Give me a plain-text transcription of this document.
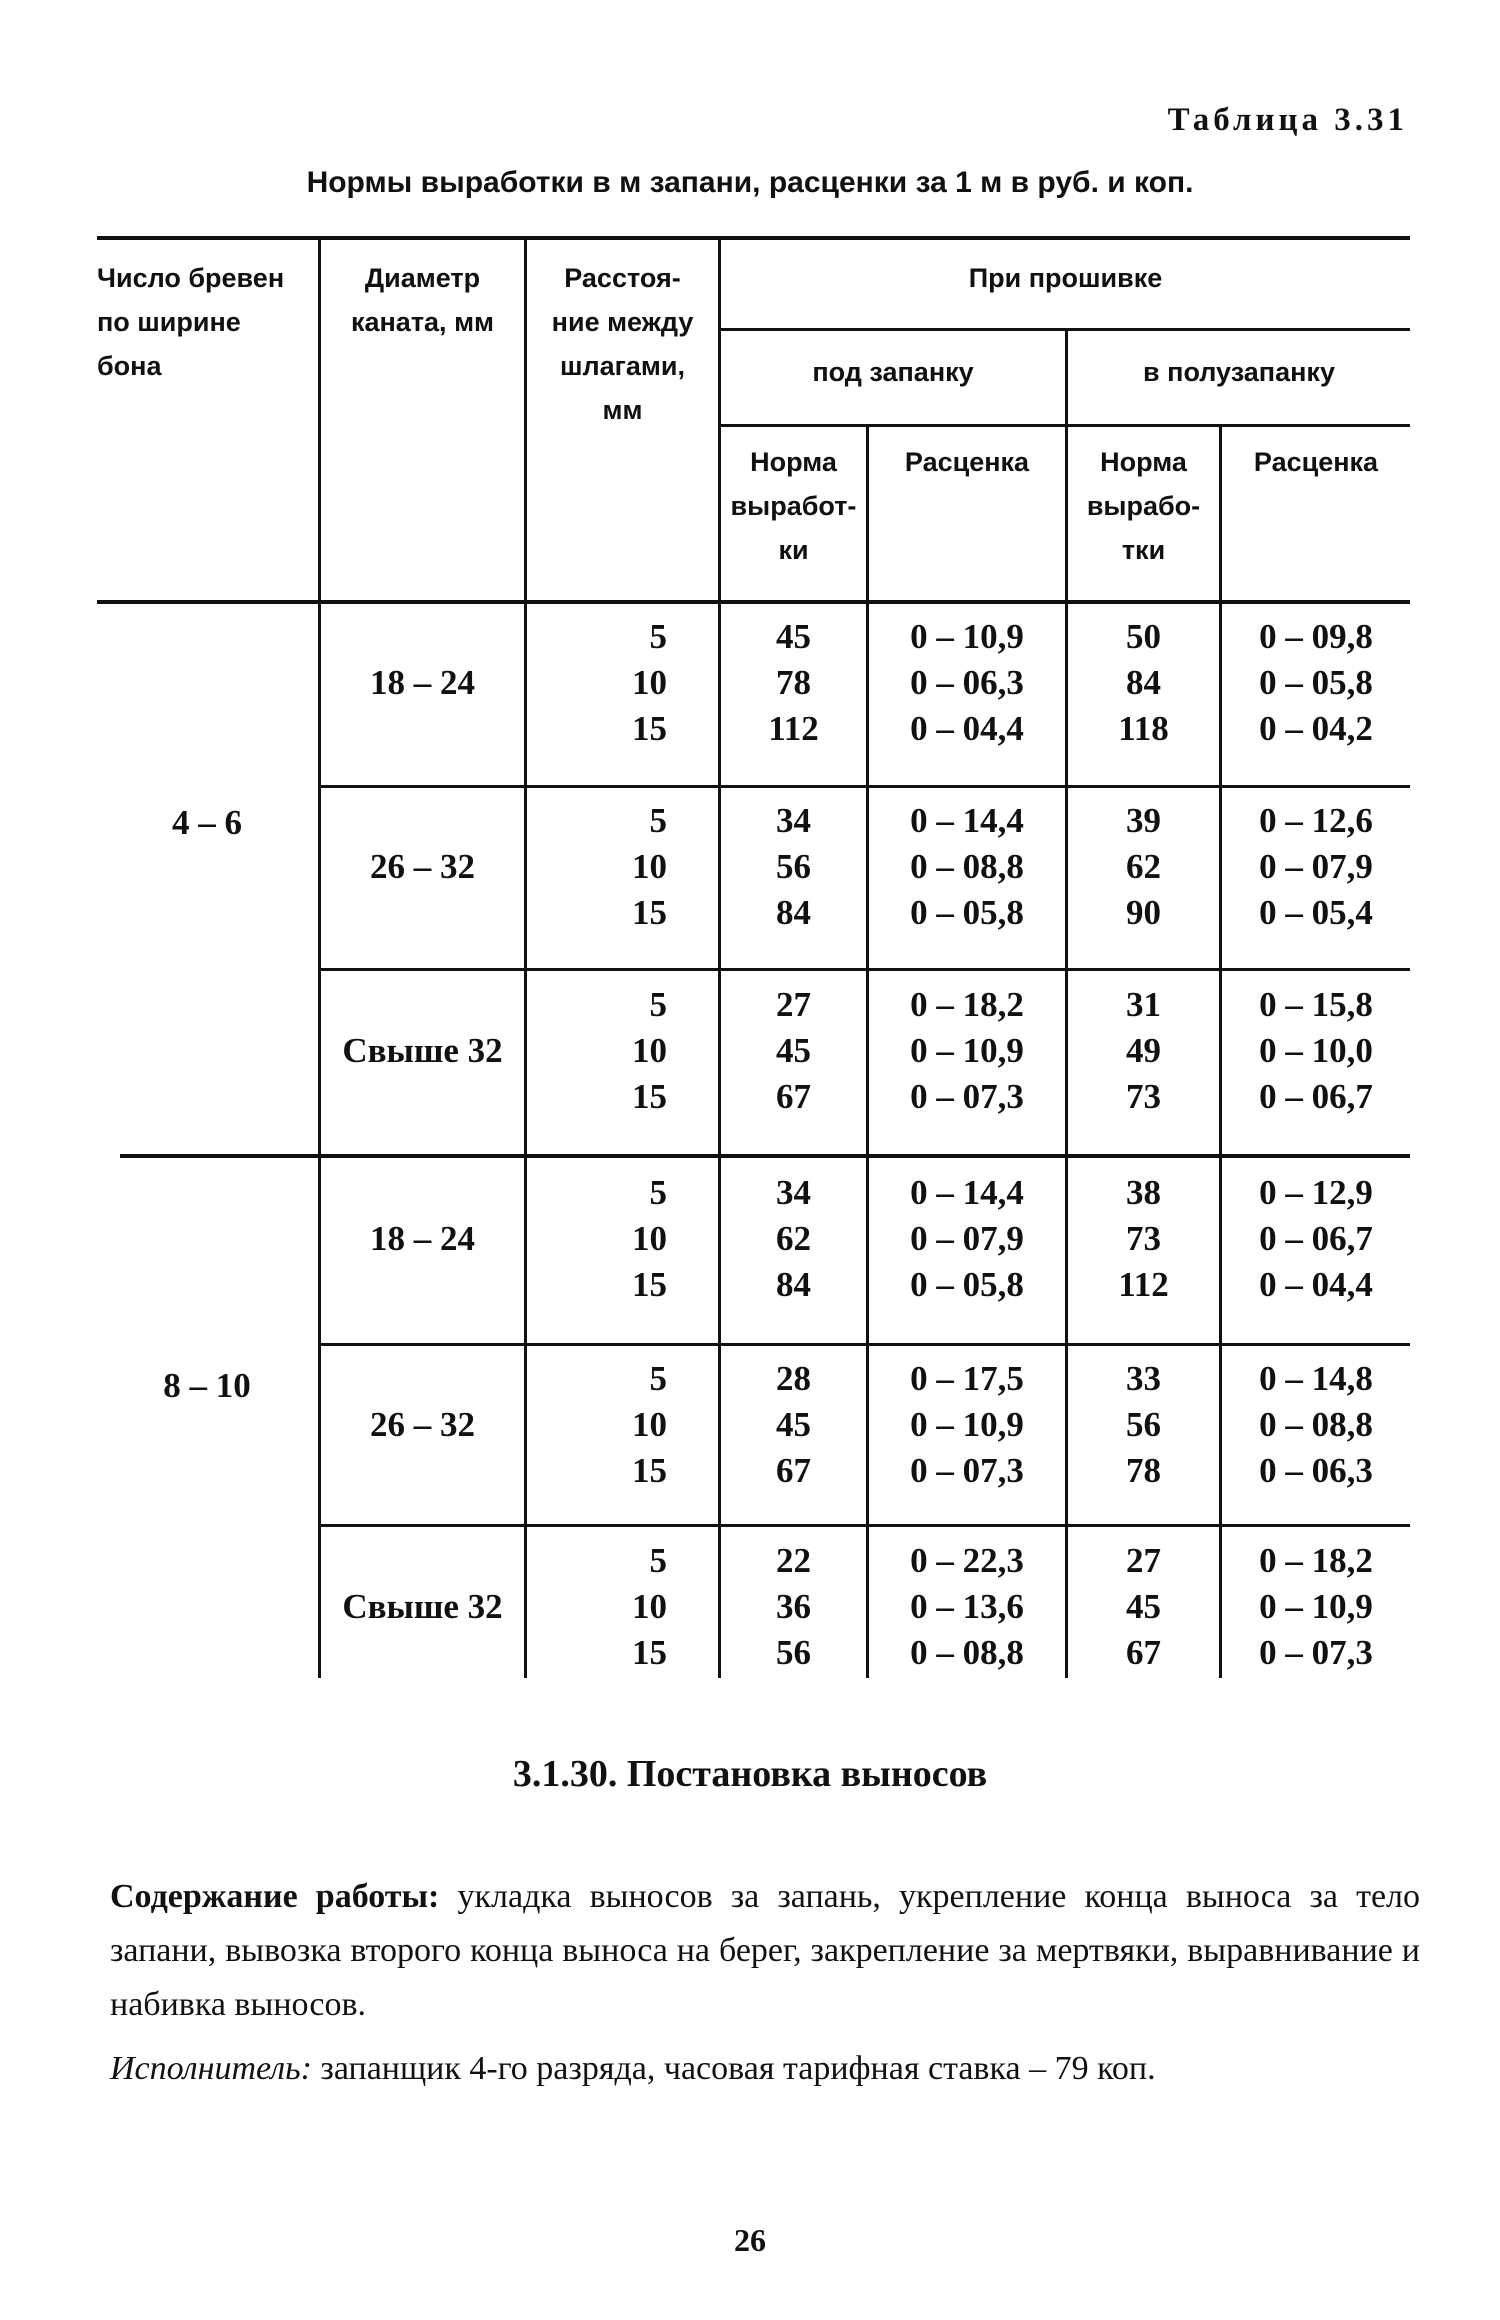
Таблица 3.31
Нормы выработки в м запани, расценки за 1 м в руб. и коп.
Число бревен
по ширине
бона
Диаметр
каната, мм
Расстоя-
ние между
шлагами,
мм
При прошивке
под запанку	в полузапанку
Норма
выработ-
ки
Расценка	Норма
вырабо-
тки
Расценка
4 – 6
8 – 10
18 – 24
5
10
15
45
78
112
0 – 10,9
0 – 06,3
0 – 04,4
50
84
118
0 – 09,8
0 – 05,8
0 – 04,2
26 – 32
5
10
15
34
56
84
0 – 14,4
0 – 08,8
0 – 05,8
39
62
90
0 – 12,6
0 – 07,9
0 – 05,4
Свыше 32
5
10
15
27
45
67
0 – 18,2
0 – 10,9
0 – 07,3
31
49
73
0 – 15,8
0 – 10,0
0 – 06,7
18 – 24
5
10
15
34
62
84
0 – 14,4
0 – 07,9
0 – 05,8
38
73
112
0 – 12,9
0 – 06,7
0 – 04,4
26 – 32
5
10
15
28
45
67
0 – 17,5
0 – 10,9
0 – 07,3
33
56
78
0 – 14,8
0 – 08,8
0 – 06,3
Свыше 32
5
10
15
22
36
56
0 – 22,3
0 – 13,6
0 – 08,8
27
45
67
0 – 18,2
0 – 10,9
0 – 07,3
3.1.30. Постановка выносов
Содержание работы: укладка выносов за запань, укрепление конца выноса за тело запани, вывозка второго конца выноса на берег, закрепление за мертвяки, выравнивание и набивка выносов.
Исполнитель: запанщик 4-го разряда, часовая тарифная ставка – 79 коп.
26
